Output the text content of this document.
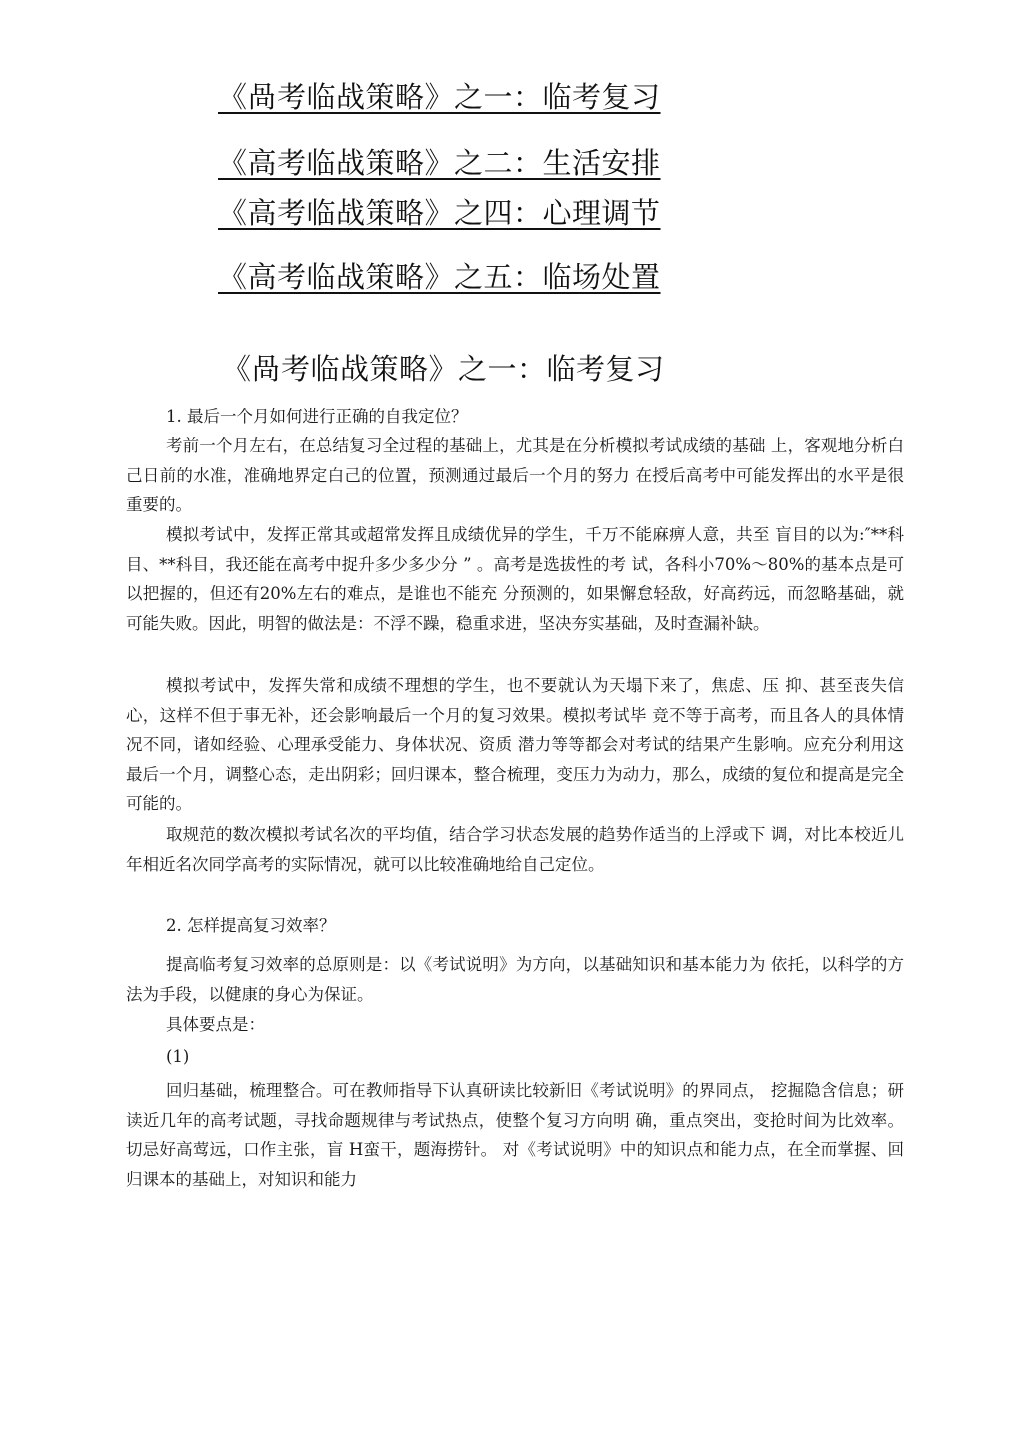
《咼考临战策略》之一：临考复习
《高考临战策略》之二：生活安排
《高考临战策略》之四：心理调节
《高考临战策略》之五：临场处置
《咼考临战策略》之一：临考复习

1. 最后一个月如何进行正确的自我定位？

考前一个月左右，在总结复习全过程的基础上，尤其是在分析模拟考试成绩的基础 上，客观地分析白己日前的水准，准确地界定白己的位置，预测通过最后一个月的努力 在授后高考中可能发挥出的水平是很重要的。

模拟考试中，发挥正常其或超常发挥且成绩优异的学生，千万不能麻痹人意，共至 盲目的以为:″**科目、**科目，我还能在高考中捉升多少多少分 ” 。高考是选拔性的考 试，各科小70%〜80%的基本点是可以把握的，但还有20%左右的难点，是谁也不能充 分预测的，如果懈怠轻敌，好高药远，而忽略基础，就可能失败。因此，明智的做法是：不浮不躁，稳重求进，坚决夯实基础，及时查漏补缺。

模拟考试中，发挥失常和成绩不理想的学生，也不要就认为天塌下来了，焦虑、压 抑、甚至丧失信心，这样不但于事无补，还会影响最后一个月的复习效果。模拟考试毕 竞不等于高考，而且各人的具体情况不同，诸如经验、心理承受能力、身体状况、资质 潜力等等都会对考试的结果产生影响。应充分利用这最后一个月，调整心态，走出阴彩；回归课本，整合梳理，变压力为动力，那么，成绩的复位和提高是完全可能的。

取规范的数次模拟考试名次的平均值，结合学习状态发展的趋势作适当的上浮或下 调，对比本校近儿年相近名次同学高考的实际情况，就可以比较准确地给自己定位。

2. 怎样提高复习效率？

提高临考复习效率的总原则是：以《考试说明》为方向，以基础知识和基本能力为 依托，以科学的方法为手段，以健康的身心为保证。

具体要点是：

(1)

回归基础，梳理整合。可在教师指导下认真研读比较新旧《考试说明》的界同点， 挖掘隐含信息；研读近几年的高考试题，寻找命题规律与考试热点，使整个复习方向明 确，重点突出，变抢时间为比效率。切忌好高莺远，口作主张，盲 H蛮干，题海捞针。 对《考试说明》中的知识点和能力点，在全而掌握、回归课本的基础上，对知识和能力
